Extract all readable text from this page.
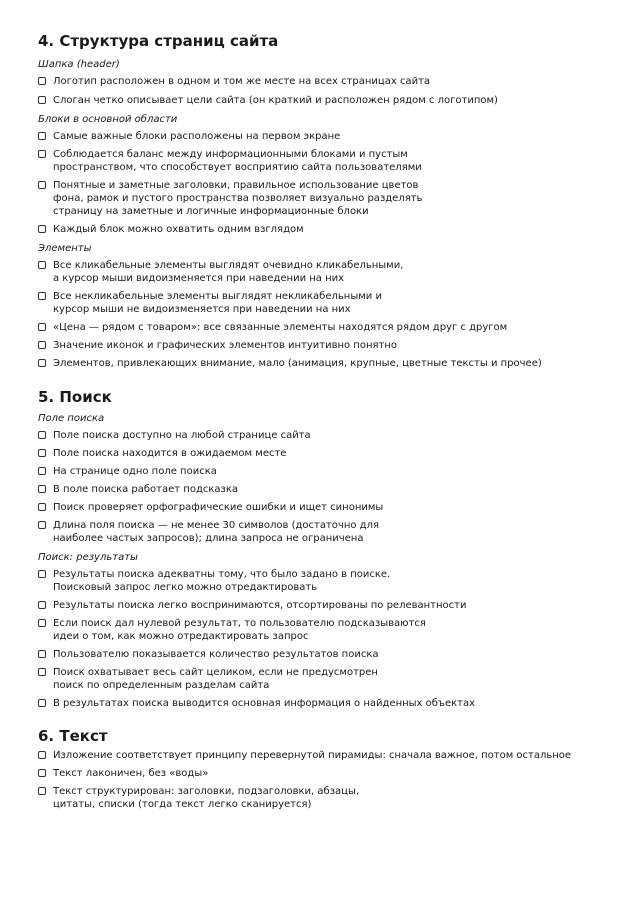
4. Структура страниц сайта

Шапка (header)

Логотип расположен в одном и том же месте на всех страницах сайта
Слоган четко описывает цели сайта (он краткий и расположен рядом с логотипом)

Блоки в основной области

Самые важные блоки расположены на первом экране
Соблюдается баланс между информационными блоками и пустым
пространством, что способствует восприятию сайта пользователями
Понятные и заметные заголовки, правильное использование цветов
фона, рамок и пустого пространства позволяет визуально разделять
страницу на заметные и логичные информационные блоки
Каждый блок можно охватить одним взглядом

Элементы

Все кликабельные элементы выглядят очевидно кликабельными,
а курсор мыши видоизменяется при наведении на них
Все некликабельные элементы выглядят некликабельными и
курсор мыши не видоизменяется при наведении на них
«Цена — рядом с товаром»: все связанные элементы находятся рядом друг с другом
Значение иконок и графических элементов интуитивно понятно
Элементов, привлекающих внимание, мало (анимация, крупные, цветные тексты и прочее)
5. Поиск

Поле поиска

Поле поиска доступно на любой странице сайта
Поле поиска находится в ожидаемом месте
На странице одно поле поиска
В поле поиска работает подсказка
Поиск проверяет орфографические ошибки и ищет синонимы
Длина поля поиска — не менее 30 символов (достаточно для
наиболее частых запросов); длина запроса не ограничена

Поиск: результаты

Результаты поиска адекватны тому, что было задано в поиске.
Поисковый запрос легко можно отредактировать
Результаты поиска легко воспринимаются, отсортированы по релевантности
Если поиск дал нулевой результат, то пользователю подсказываются
идеи о том, как можно отредактировать запрос
Пользователю показывается количество результатов поиска
Поиск охватывает весь сайт целиком, если не предусмотрен
поиск по определенным разделам сайта
В результатах поиска выводится основная информация о найденных объектах
6. Текст
Изложение соответствует принципу перевернутой пирамиды: сначала важное, потом остальное
Текст лаконичен, без «воды»
Текст структурирован: заголовки, подзаголовки, абзацы,
цитаты, списки (тогда текст легко сканируется)
